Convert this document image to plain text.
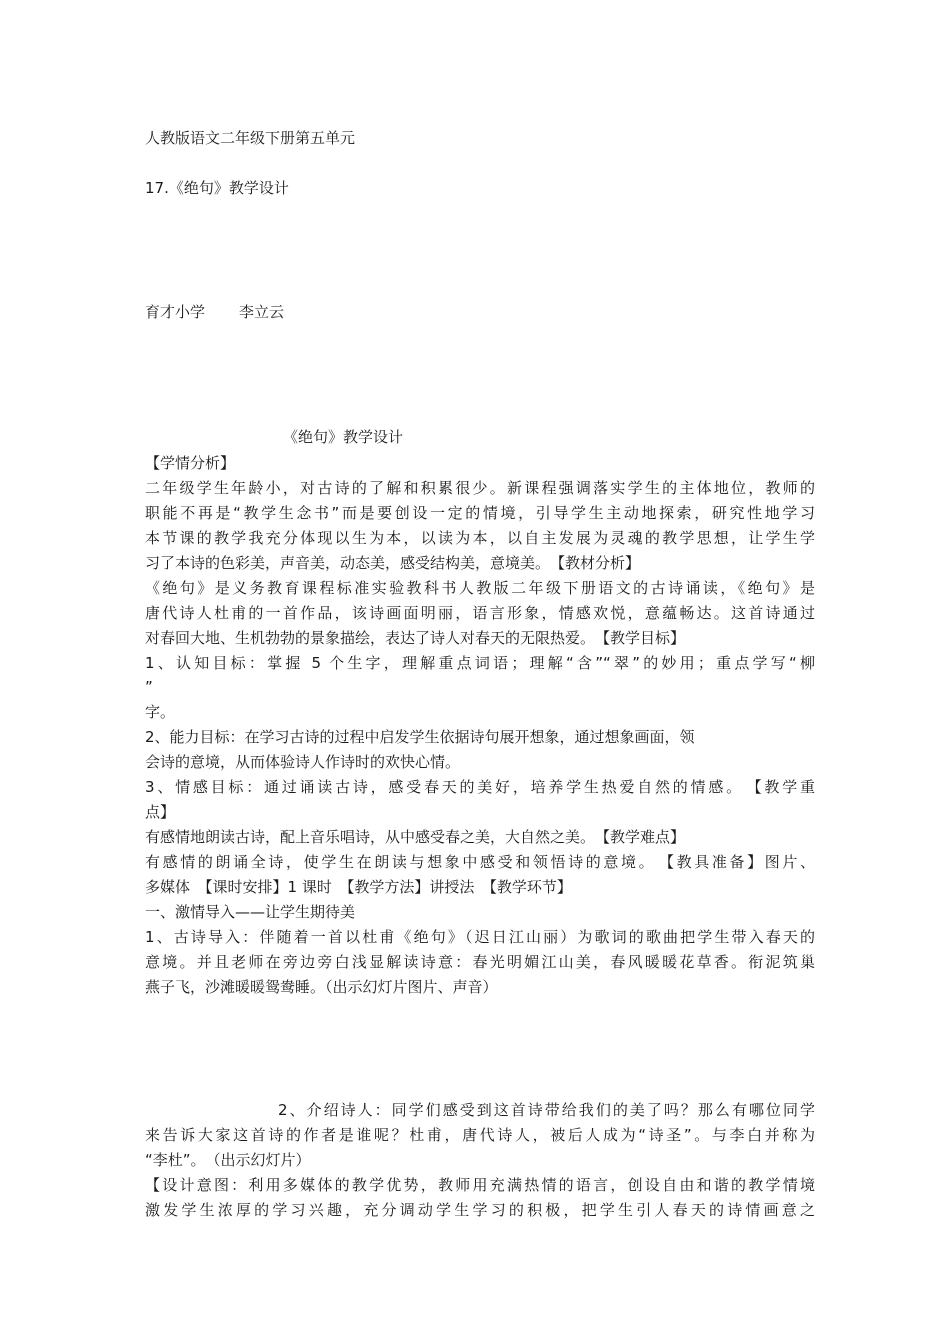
人教版语文二年级下册第五单元
17.《绝句》教学设计
育才小学 李立云
《绝句》教学设计
【学情分析】
二年级学生年龄小，对古诗的了解和积累很少。新课程强调落实学生的主体地位，教师的
职能不再是“教学生念书”而是要创设一定的情境，引导学生主动地探索，研究性地学习
本节课的教学我充分体现以生为本，以读为本，以自主发展为灵魂的教学思想，让学生学
习了本诗的色彩美，声音美，动态美，感受结构美，意境美。　【教材分析】
《绝句》是义务教育课程标准实验教科书人教版二年级下册语文的古诗诵读，《绝句》是
唐代诗人杜甫的一首作品，该诗画面明丽，语言形象，情感欢悦，意蕴畅达。这首诗通过
对春回大地、生机勃勃的景象描绘，表达了诗人对春天的无限热爱。　【教学目标】
1、认知目标：掌握 5 个生字，理解重点词语；理解“含”“翠”的妙用；重点学写“柳
”
字。
2、能力目标：在学习古诗的过程中启发学生依据诗句展开想象，通过想象画面，领
会诗的意境，从而体验诗人作诗时的欢快心情。
3、情感目标：通过诵读古诗，感受春天的美好，培养学生热爱自然的情感。　【教学重
点】
有感情地朗读古诗，配上音乐唱诗，从中感受春之美，大自然之美。　【教学难点】
有感情的朗诵全诗，使学生在朗读与想象中感受和领悟诗的意境。　【教具准备】图片、
多媒体　【课时安排】1 课时　【教学方法】讲授法　【教学环节】
一、激情导入——让学生期待美
1、古诗导入：伴随着一首以杜甫《绝句》（迟日江山丽）为歌词的歌曲把学生带入春天的
意境。并且老师在旁边旁白浅显解读诗意：春光明媚江山美，春风暖暖花草香。衔泥筑巢
燕子飞，沙滩暖暖鸳鸯睡。（出示幻灯片图片、声音）
2、介绍诗人：同学们感受到这首诗带给我们的美了吗？那么有哪位同学
来告诉大家这首诗的作者是谁呢？杜甫，唐代诗人，被后人成为“诗圣”。与李白并称为
“李杜”。　（出示幻灯片）
【设计意图：利用多媒体的教学优势，教师用充满热情的语言，创设自由和谐的教学情境
激发学生浓厚的学习兴趣，充分调动学生学习的积极，把学生引人春天的诗情画意之
